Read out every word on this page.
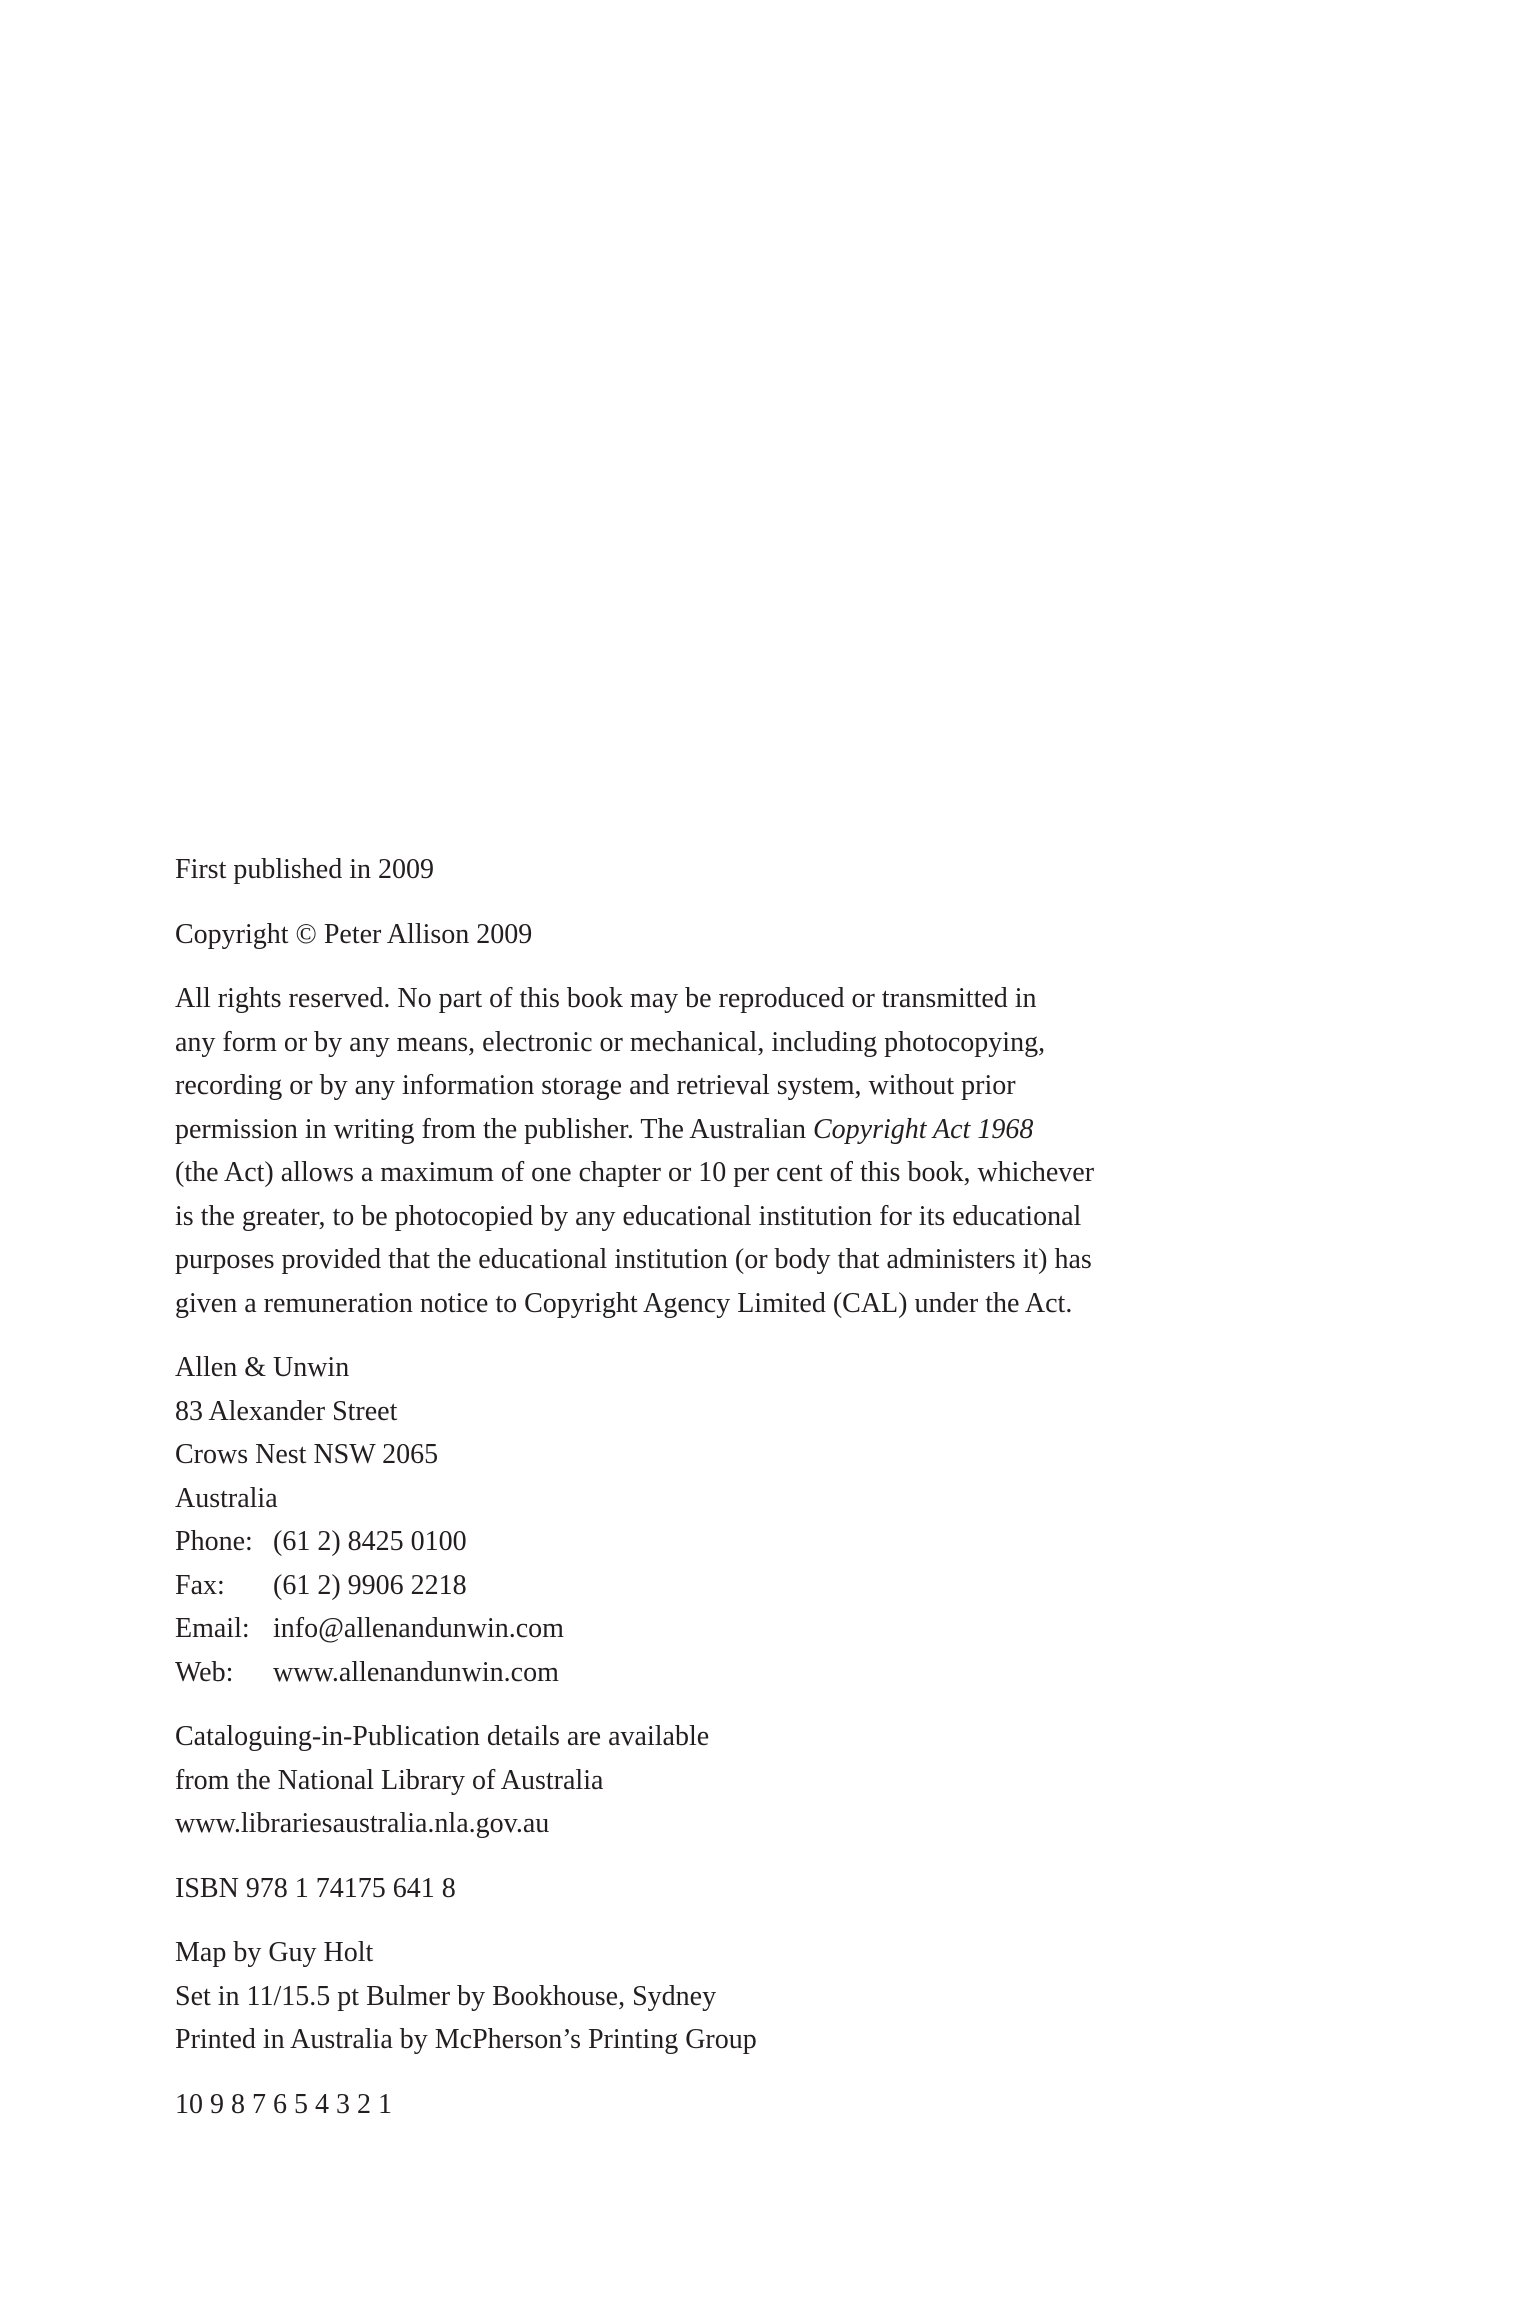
First published in 2009

Copyright © Peter Allison 2009

All rights reserved. No part of this book may be reproduced or transmitted in
any form or by any means, electronic or mechanical, including photocopying,
recording or by any information storage and retrieval system, without prior
permission in writing from the publisher. The Australian Copyright Act 1968
(the Act) allows a maximum of one chapter or 10 per cent of this book, whichever
is the greater, to be photocopied by any educational institution for its educational
purposes provided that the educational institution (or body that administers it) has
given a remuneration notice to Copyright Agency Limited (CAL) under the Act.

Allen & Unwin
83 Alexander Street
Crows Nest NSW 2065
Australia
Phone: (61 2) 8425 0100
Fax: (61 2) 9906 2218
Email: info@allenandunwin.com
Web: www.allenandunwin.com
Cataloguing-in-Publication details are available
from the National Library of Australia
www.librariesaustralia.nla.gov.au

ISBN 978 1 74175 641 8

Map by Guy Holt
Set in 11/15.5 pt Bulmer by Bookhouse, Sydney
Printed in Australia by McPherson’s Printing Group

10 9 8 7 6 5 4 3 2 1
